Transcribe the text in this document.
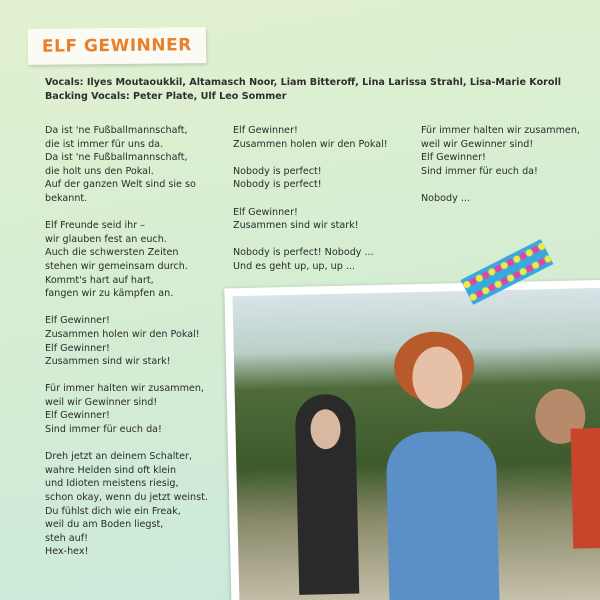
ELF GEWINNER
Vocals: Ilyes Moutaoukkil, Altamasch Noor, Liam Bitteroff, Lina Larissa Strahl, Lisa-Marie Koroll
Backing Vocals: Peter Plate, Ulf Leo Sommer
Da ist 'ne Fußballmannschaft,
die ist immer für uns da.
Da ist 'ne Fußballmannschaft,
die holt uns den Pokal.
Auf der ganzen Welt sind sie so
bekannt.
Elf Freunde seid ihr –
wir glauben fest an euch.
Auch die schwersten Zeiten
stehen wir gemeinsam durch.
Kommt's hart auf hart,
fangen wir zu kämpfen an.
Elf Gewinner!
Zusammen holen wir den Pokal!
Elf Gewinner!
Zusammen sind wir stark!
Für immer halten wir zusammen,
weil wir Gewinner sind!
Elf Gewinner!
Sind immer für euch da!
Dreh jetzt an deinem Schalter,
wahre Helden sind oft klein
und Idioten meistens riesig,
schon okay, wenn du jetzt weinst.
Du fühlst dich wie ein Freak,
weil du am Boden liegst,
steh auf!
Hex-hex!
Elf Gewinner!
Zusammen holen wir den Pokal!
Nobody is perfect!
Nobody is perfect!
Elf Gewinner!
Zusammen sind wir stark!
Nobody is perfect! Nobody ...
Und es geht up, up, up ...
Für immer halten wir zusammen,
weil wir Gewinner sind!
Elf Gewinner!
Sind immer für euch da!
Nobody ...
